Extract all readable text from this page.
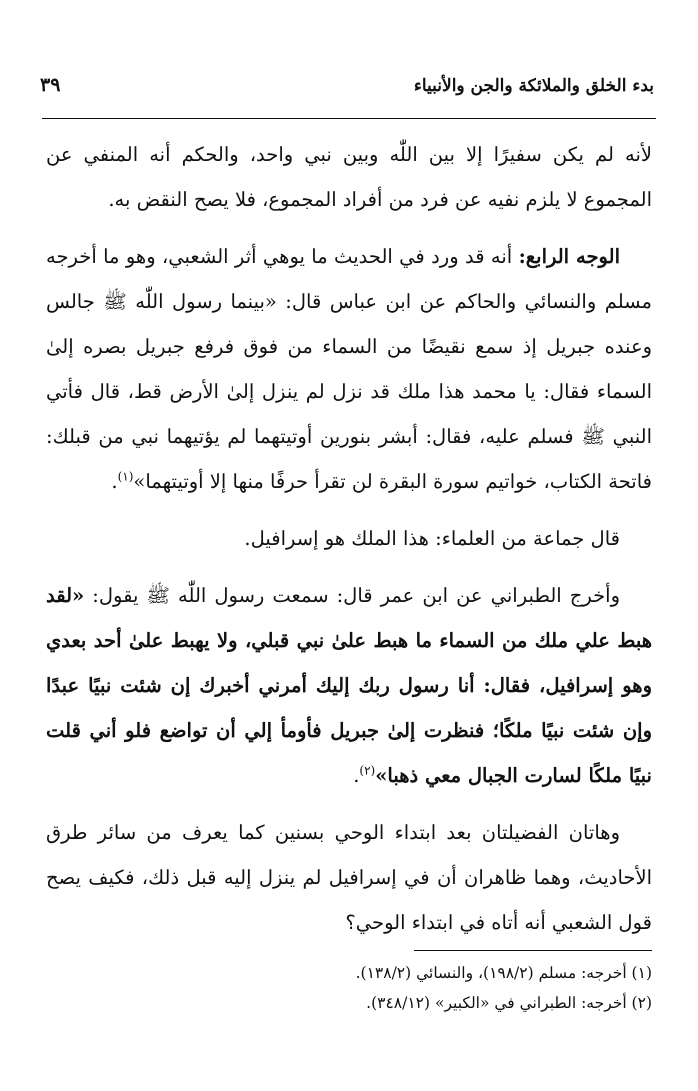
بدء الخلق والملائكة والجن والأنبياء
٣٩

لأنه لم يكن سفيرًا إلا بين اللّٰه وبين نبي واحد، والحكم أنه المنفي عن المجموع لا يلزم نفيه عن فرد من أفراد المجموع، فلا يصح النقض به.

الوجه الرابع: أنه قد ورد في الحديث ما يوهي أثر الشعبي، وهو ما أخرجه مسلم والنسائي والحاكم عن ابن عباس قال: «بينما رسول اللّٰه ﷺ جالس وعنده جبريل إذ سمع نقيضًا من السماء من فوق فرفع جبريل بصره إلىٰ السماء فقال: يا محمد هذا ملك قد نزل لم ينزل إلىٰ الأرض قط، قال فأتي النبي ﷺ فسلم عليه، فقال: أبشر بنورين أوتيتهما لم يؤتيهما نبي من قبلك: فاتحة الكتاب، خواتيم سورة البقرة لن تقرأ حرفًا منها إلا أوتيتهما»$^{(١)}$.

قال جماعة من العلماء: هذا الملك هو إسرافيل.

وأخرج الطبراني عن ابن عمر قال: سمعت رسول اللّٰه ﷺ يقول: «لقد هبط علي ملك من السماء ما هبط علىٰ نبي قبلي، ولا يهبط علىٰ أحد بعدي وهو إسرافيل، فقال: أنا رسول ربك إليك أمرني أخبرك إن شئت نبيًا عبدًا وإن شئت نبيًا ملكًا؛ فنظرت إلىٰ جبريل فأومأ إلي أن تواضع فلو أني قلت نبيًا ملكًا لسارت الجبال معي ذهبا»$^{(٢)}$.

وهاتان الفضيلتان بعد ابتداء الوحي بسنين كما يعرف من سائر طرق الأحاديث، وهما ظاهران أن في إسرافيل لم ينزل إليه قبل ذلك، فكيف يصح قول الشعبي أنه أتاه في ابتداء الوحي؟

(١) أخرجه: مسلم (١٩٨/٢)، والنسائي (١٣٨/٢).

(٢) أخرجه: الطبراني في «الكبير» (٣٤٨/١٢).
